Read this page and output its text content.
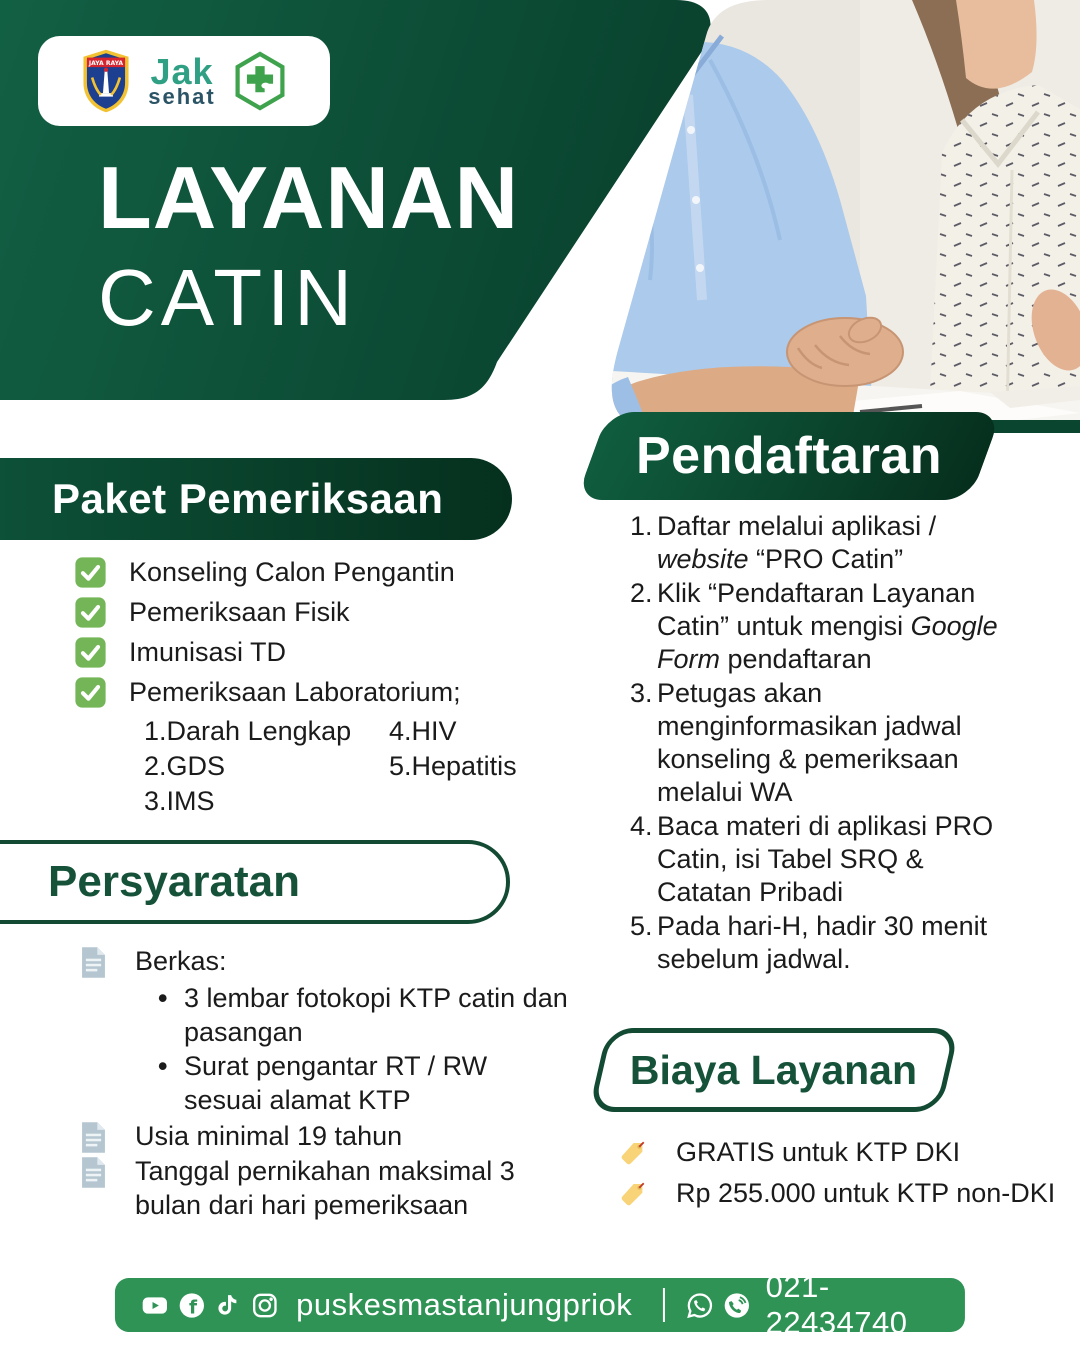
JAYA RAYA Jak
sehat
LAYANAN
CATIN
Pendaftaran
Paket Pemeriksaan
Konseling Calon Pengantin
Pemeriksaan Fisik
Imunisasi TD
Pemeriksaan Laboratorium;
1. Darah Lengkap 4. HIV
2. GDS	5. Hepatitis
3. IMS
Persyaratan
Berkas:
• 3 lembar fotokopi KTP catin dan pasangan
• Surat pengantar RT / RW sesuai alamat KTP
Usia minimal 19 tahun
Tanggal pernikahan maksimal 3 bulan dari hari pemeriksaan
1. Daftar melalui aplikasi / website “PRO Catin”
2. Klik “Pendaftaran Layanan Catin” untuk mengisi Google Form pendaftaran
3. Petugas akan menginformasikan jadwal konseling & pemeriksaan melalui WA
4. Baca materi di aplikasi PRO Catin, isi Tabel SRQ & Catatan Pribadi
5. Pada hari-H, hadir 30 menit sebelum jadwal.
Biaya Layanan
GRATIS untuk KTP DKI
Rp 255.000 untuk KTP non-DKI
f	puskesmastanjungpriok
021-22434740
